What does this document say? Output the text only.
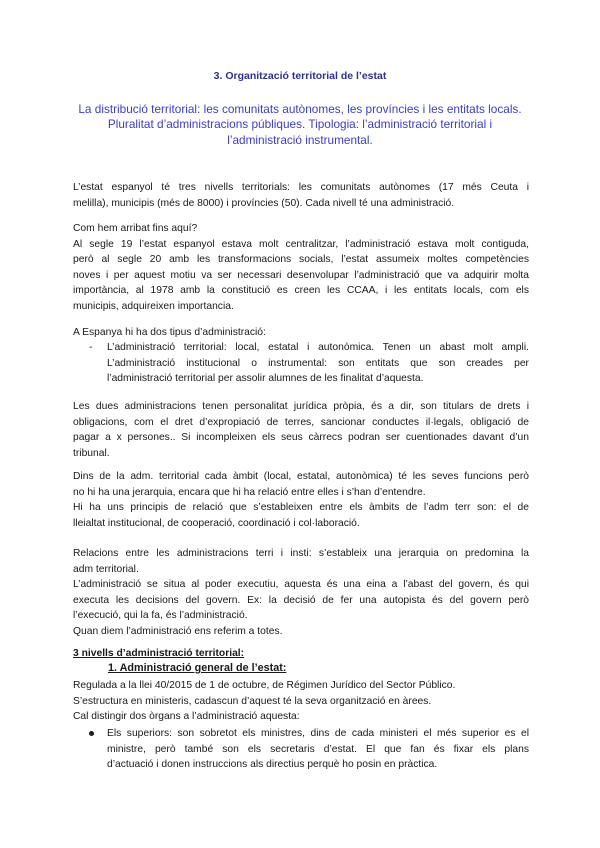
3. Organització territorial de l’estat
La distribució territorial: les comunitats autònomes, les províncies i les entitats locals.
Pluralitat d’administracions públiques. Tipologia: l’administració territorial i
l’administració instrumental.

L’estat espanyol té tres nivells territorials: les comunitats autònomes (17 més Ceuta i
melilla), municipis (més de 8000) i províncies (50). Cada nivell té una administració.

Com hem arribat fins aquí?
Al segle 19 l’estat espanyol estava molt centralitzar, l’administració estava molt contiguda,
però al segle 20 amb les transformacions socials, l’estat assumeix moltes competències
noves i per aquest motiu va ser necessari desenvolupar l’administració que va adquirir molta
importància, al 1978 amb la constitució es creen les CCAA, i les entitats locals, com els
municipis, adquireixen importancia.

A Espanya hi ha dos tipus d’administració:

- L’administració territorial: local, estatal i autonòmica. Tenen un abast molt ampli.
L’administració institucional o instrumental: son entitats que son creades per
l’administració territorial per assolir alumnes de les finalitat d’aquesta.

Les dues administracions tenen personalitat jurídica pròpia, és a dir, son titulars de drets i
obligacions, com el dret d’expropiació de terres, sancionar conductes il·legals, obligació de
pagar a x persones.. Si incompleixen els seus càrrecs podran ser cuentionades davant d’un
tribunal.

Dins de la adm. territorial cada àmbit (local, estatal, autonòmica) té les seves funcions però
no hi ha una jerarquia, encara que hi ha relació entre elles i s’han d’entendre.
Hi ha uns principis de relació que s’estableixen entre els àmbits de l’adm terr son: el de
lleialtat institucional, de cooperació, coordinació i col·laboració.

Relacions entre les administracions terri i insti: s’estableix una jerarquia on predomina la
adm territorial.
L’administració se situa al poder executiu, aquesta és una eina a l’abast del govern, és qui
executa les decisions del govern. Ex: la decisió de fer una autopista és del govern però
l’execució, qui la fa, és l’administració.
Quan diem l’administració ens referim a totes.

3 nivells d’administració territorial:
1. Administració general de l’estat:

Regulada a la llei 40/2015 de 1 de octubre, de Régimen Jurídico del Sector Público.
S’estructura en ministeris, cadascun d’aquest té la seva organització en àrees.
Cal distingir dos òrgans a l’administració aquesta:

Els superiors: son sobretot els ministres, dins de cada ministeri el més superior es el
ministre, però també son els secretaris d’estat. El que fan és fixar els plans
d’actuació i donen instruccions als directius perquè ho posin en pràctica.
